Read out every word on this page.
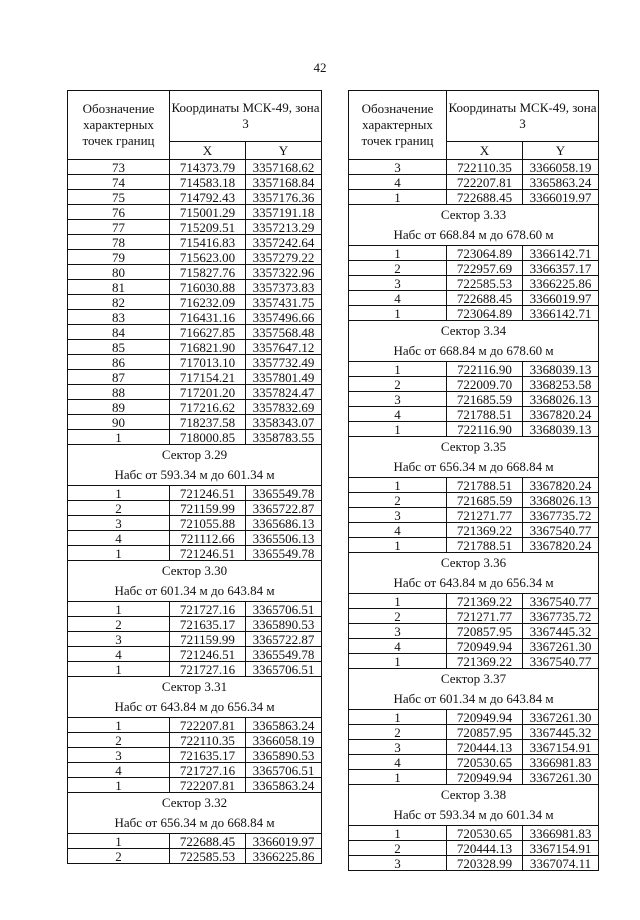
42
Обозначение характерных точек границ	Координаты МСК-49, зона 3	
	X	Y
73	714373.79	3357168.62
74	714583.18	3357168.84
75	714792.43	3357176.36
76	715001.29	3357191.18
77	715209.51	3357213.29
78	715416.83	3357242.64
79	715623.00	3357279.22
80	715827.76	3357322.96
81	716030.88	3357373.83
82	716232.09	3357431.75
83	716431.16	3357496.66
84	716627.85	3357568.48
85	716821.90	3357647.12
86	717013.10	3357732.49
87	717154.21	3357801.49
88	717201.20	3357824.47
89	717216.62	3357832.69
90	718237.58	3358343.07
1	718000.85	3358783.55
Сектор 3.29		
Набс от 593.34 м до 601.34 м		
1	721246.51	3365549.78
2	721159.99	3365722.87
3	721055.88	3365686.13
4	721112.66	3365506.13
1	721246.51	3365549.78
Сектор 3.30		
Набс от 601.34 м до 643.84 м		
1	721727.16	3365706.51
2	721635.17	3365890.53
3	721159.99	3365722.87
4	721246.51	3365549.78
1	721727.16	3365706.51
Сектор 3.31		
Набс от 643.84 м до 656.34 м		
1	722207.81	3365863.24
2	722110.35	3366058.19
3	721635.17	3365890.53
4	721727.16	3365706.51
1	722207.81	3365863.24
Сектор 3.32		
Набс от 656.34 м до 668.84 м		
1	722688.45	3366019.97
2	722585.53	3366225.86
Обозначение характерных точек границ	Координаты МСК-49, зона 3	
	X	Y
3	722110.35	3366058.19
4	722207.81	3365863.24
1	722688.45	3366019.97
Сектор 3.33		
Набс от 668.84 м до 678.60 м		
1	723064.89	3366142.71
2	722957.69	3366357.17
3	722585.53	3366225.86
4	722688.45	3366019.97
1	723064.89	3366142.71
Сектор 3.34		
Набс от 668.84 м до 678.60 м		
1	722116.90	3368039.13
2	722009.70	3368253.58
3	721685.59	3368026.13
4	721788.51	3367820.24
1	722116.90	3368039.13
Сектор 3.35		
Набс от 656.34 м до 668.84 м		
1	721788.51	3367820.24
2	721685.59	3368026.13
3	721271.77	3367735.72
4	721369.22	3367540.77
1	721788.51	3367820.24
Сектор 3.36		
Набс от 643.84 м до 656.34 м		
1	721369.22	3367540.77
2	721271.77	3367735.72
3	720857.95	3367445.32
4	720949.94	3367261.30
1	721369.22	3367540.77
Сектор 3.37		
Набс от 601.34 м до 643.84 м		
1	720949.94	3367261.30
2	720857.95	3367445.32
3	720444.13	3367154.91
4	720530.65	3366981.83
1	720949.94	3367261.30
Сектор 3.38		
Набс от 593.34 м до 601.34 м		
1	720530.65	3366981.83
2	720444.13	3367154.91
3	720328.99	3367074.11
